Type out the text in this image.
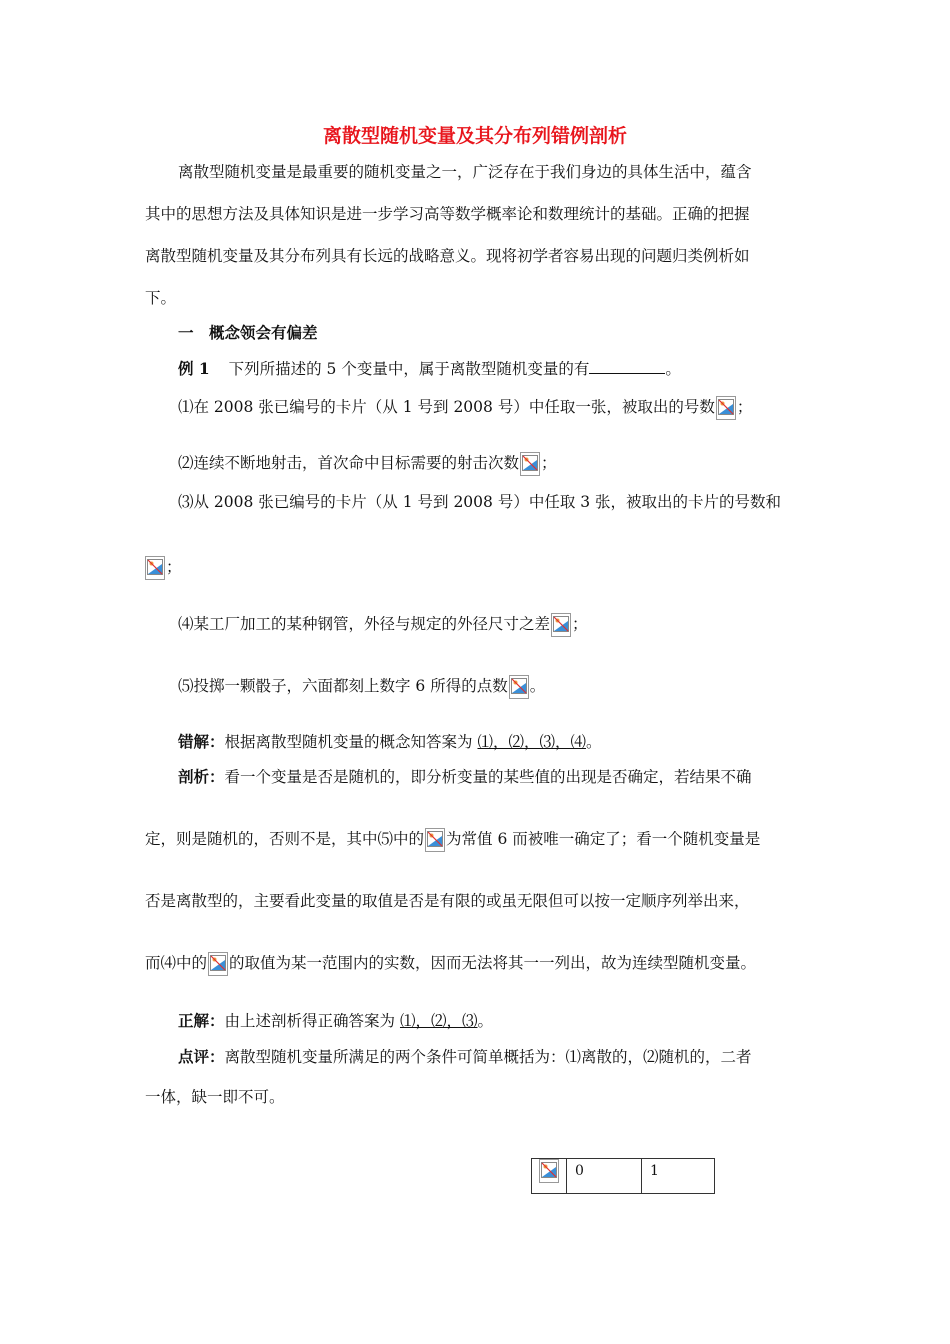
离散型随机变量及其分布列错例剖析
离散型随机变量是最重要的随机变量之一，广泛存在于我们身边的具体生活中，蕴含
其中的思想方法及具体知识是进一步学习高等数学概率论和数理统计的基础。正确的把握
离散型随机变量及其分布列具有长远的战略意义。现将初学者容易出现的问题归类例析如
下。
一　概念领会有偏差
例 1 下列所描述的 5 个变量中，属于离散型随机变量的有	。
⑴在 2008 张已编号的卡片（从 1 号到 2008 号）中任取一张，被取出的号数 ；
⑵连续不断地射击，首次命中目标需要的射击次数 ；
⑶从 2008 张已编号的卡片（从 1 号到 2008 号）中任取 3 张，被取出的卡片的号数和
；
⑷某工厂加工的某种钢管，外径与规定的外径尺寸之差 ；
⑸投掷一颗骰子，六面都刻上数字 6 所得的点数 。
错解：根据离散型随机变量的概念知答案为 ⑴，⑵，⑶，⑷。
剖析：看一个变量是否是随机的，即分析变量的某些值的出现是否确定，若结果不确
定，则是随机的，否则不是，其中⑸中的 为常值 6 而被唯一确定了；看一个随机变量是
否是离散型的，主要看此变量的取值是否是有限的或虽无限但可以按一定顺序列举出来，
而⑷中的 的取值为某一范围内的实数，因而无法将其一一列出，故为连续型随机变量。
正解：由上述剖析得正确答案为 ⑴，⑵，⑶。
点评：离散型随机变量所满足的两个条件可简单概括为：⑴离散的，⑵随机的，二者
一体，缺一即不可。
	0	1
